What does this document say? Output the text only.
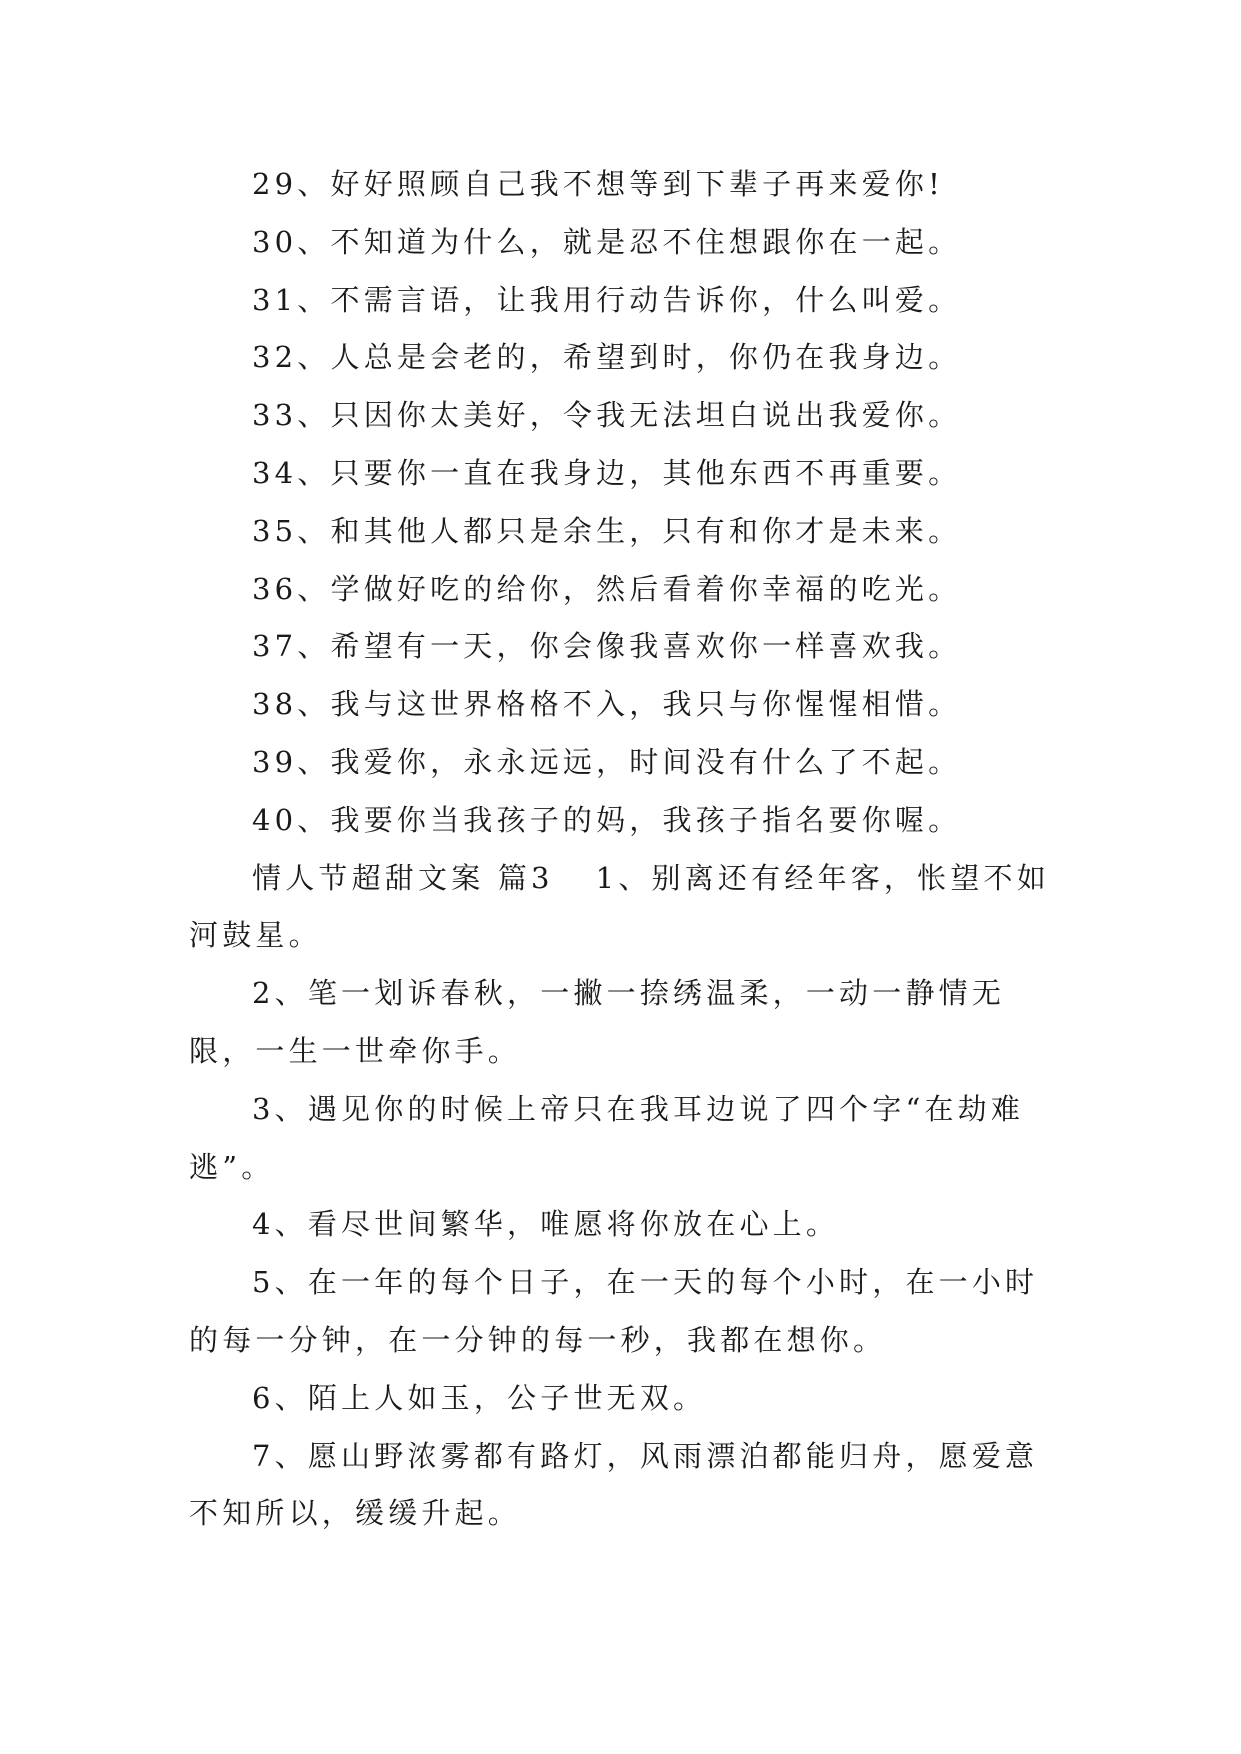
29、好好照顾自己我不想等到下辈子再来爱你!

30、不知道为什么，就是忍不住想跟你在一起。

31、不需言语，让我用行动告诉你，什么叫爱。

32、人总是会老的，希望到时，你仍在我身边。

33、只因你太美好，令我无法坦白说出我爱你。

34、只要你一直在我身边，其他东西不再重要。

35、和其他人都只是余生，只有和你才是未来。

36、学做好吃的给你，然后看着你幸福的吃光。

37、希望有一天，你会像我喜欢你一样喜欢我。

38、我与这世界格格不入，我只与你惺惺相惜。

39、我爱你，永永远远，时间没有什么了不起。

40、我要你当我孩子的妈，我孩子指名要你喔。

情人节超甜文案 篇3 1、别离还有经年客，怅望不如河鼓星。

2、笔一划诉春秋，一撇一捺绣温柔，一动一静情无限，一生一世牵你手。

3、遇见你的时候上帝只在我耳边说了四个字“在劫难逃”。

4、看尽世间繁华，唯愿将你放在心上。

5、在一年的每个日子，在一天的每个小时，在一小时的每一分钟，在一分钟的每一秒，我都在想你。

6、陌上人如玉，公子世无双。

7、愿山野浓雾都有路灯，风雨漂泊都能归舟，愿爱意不知所以，缓缓升起。
